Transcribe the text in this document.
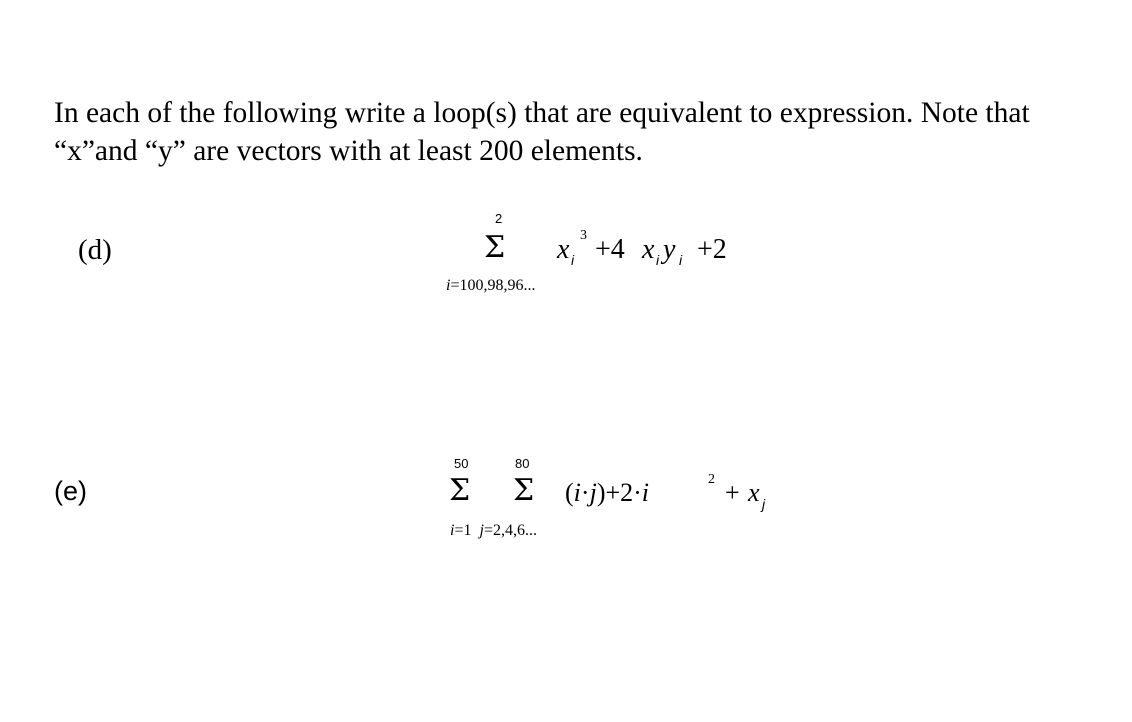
In each of the following write a loop(s) that are equivalent to expression. Note that
“x”and “y” are vectors with at least 200 elements.

(d)
2
Σ
i=100,98,96...
x 3
i +4 x i y i +2
(e)
50
Σ
80
Σ
i=1 j=2,4,6...
(i·j)+2·i	2 + x j
